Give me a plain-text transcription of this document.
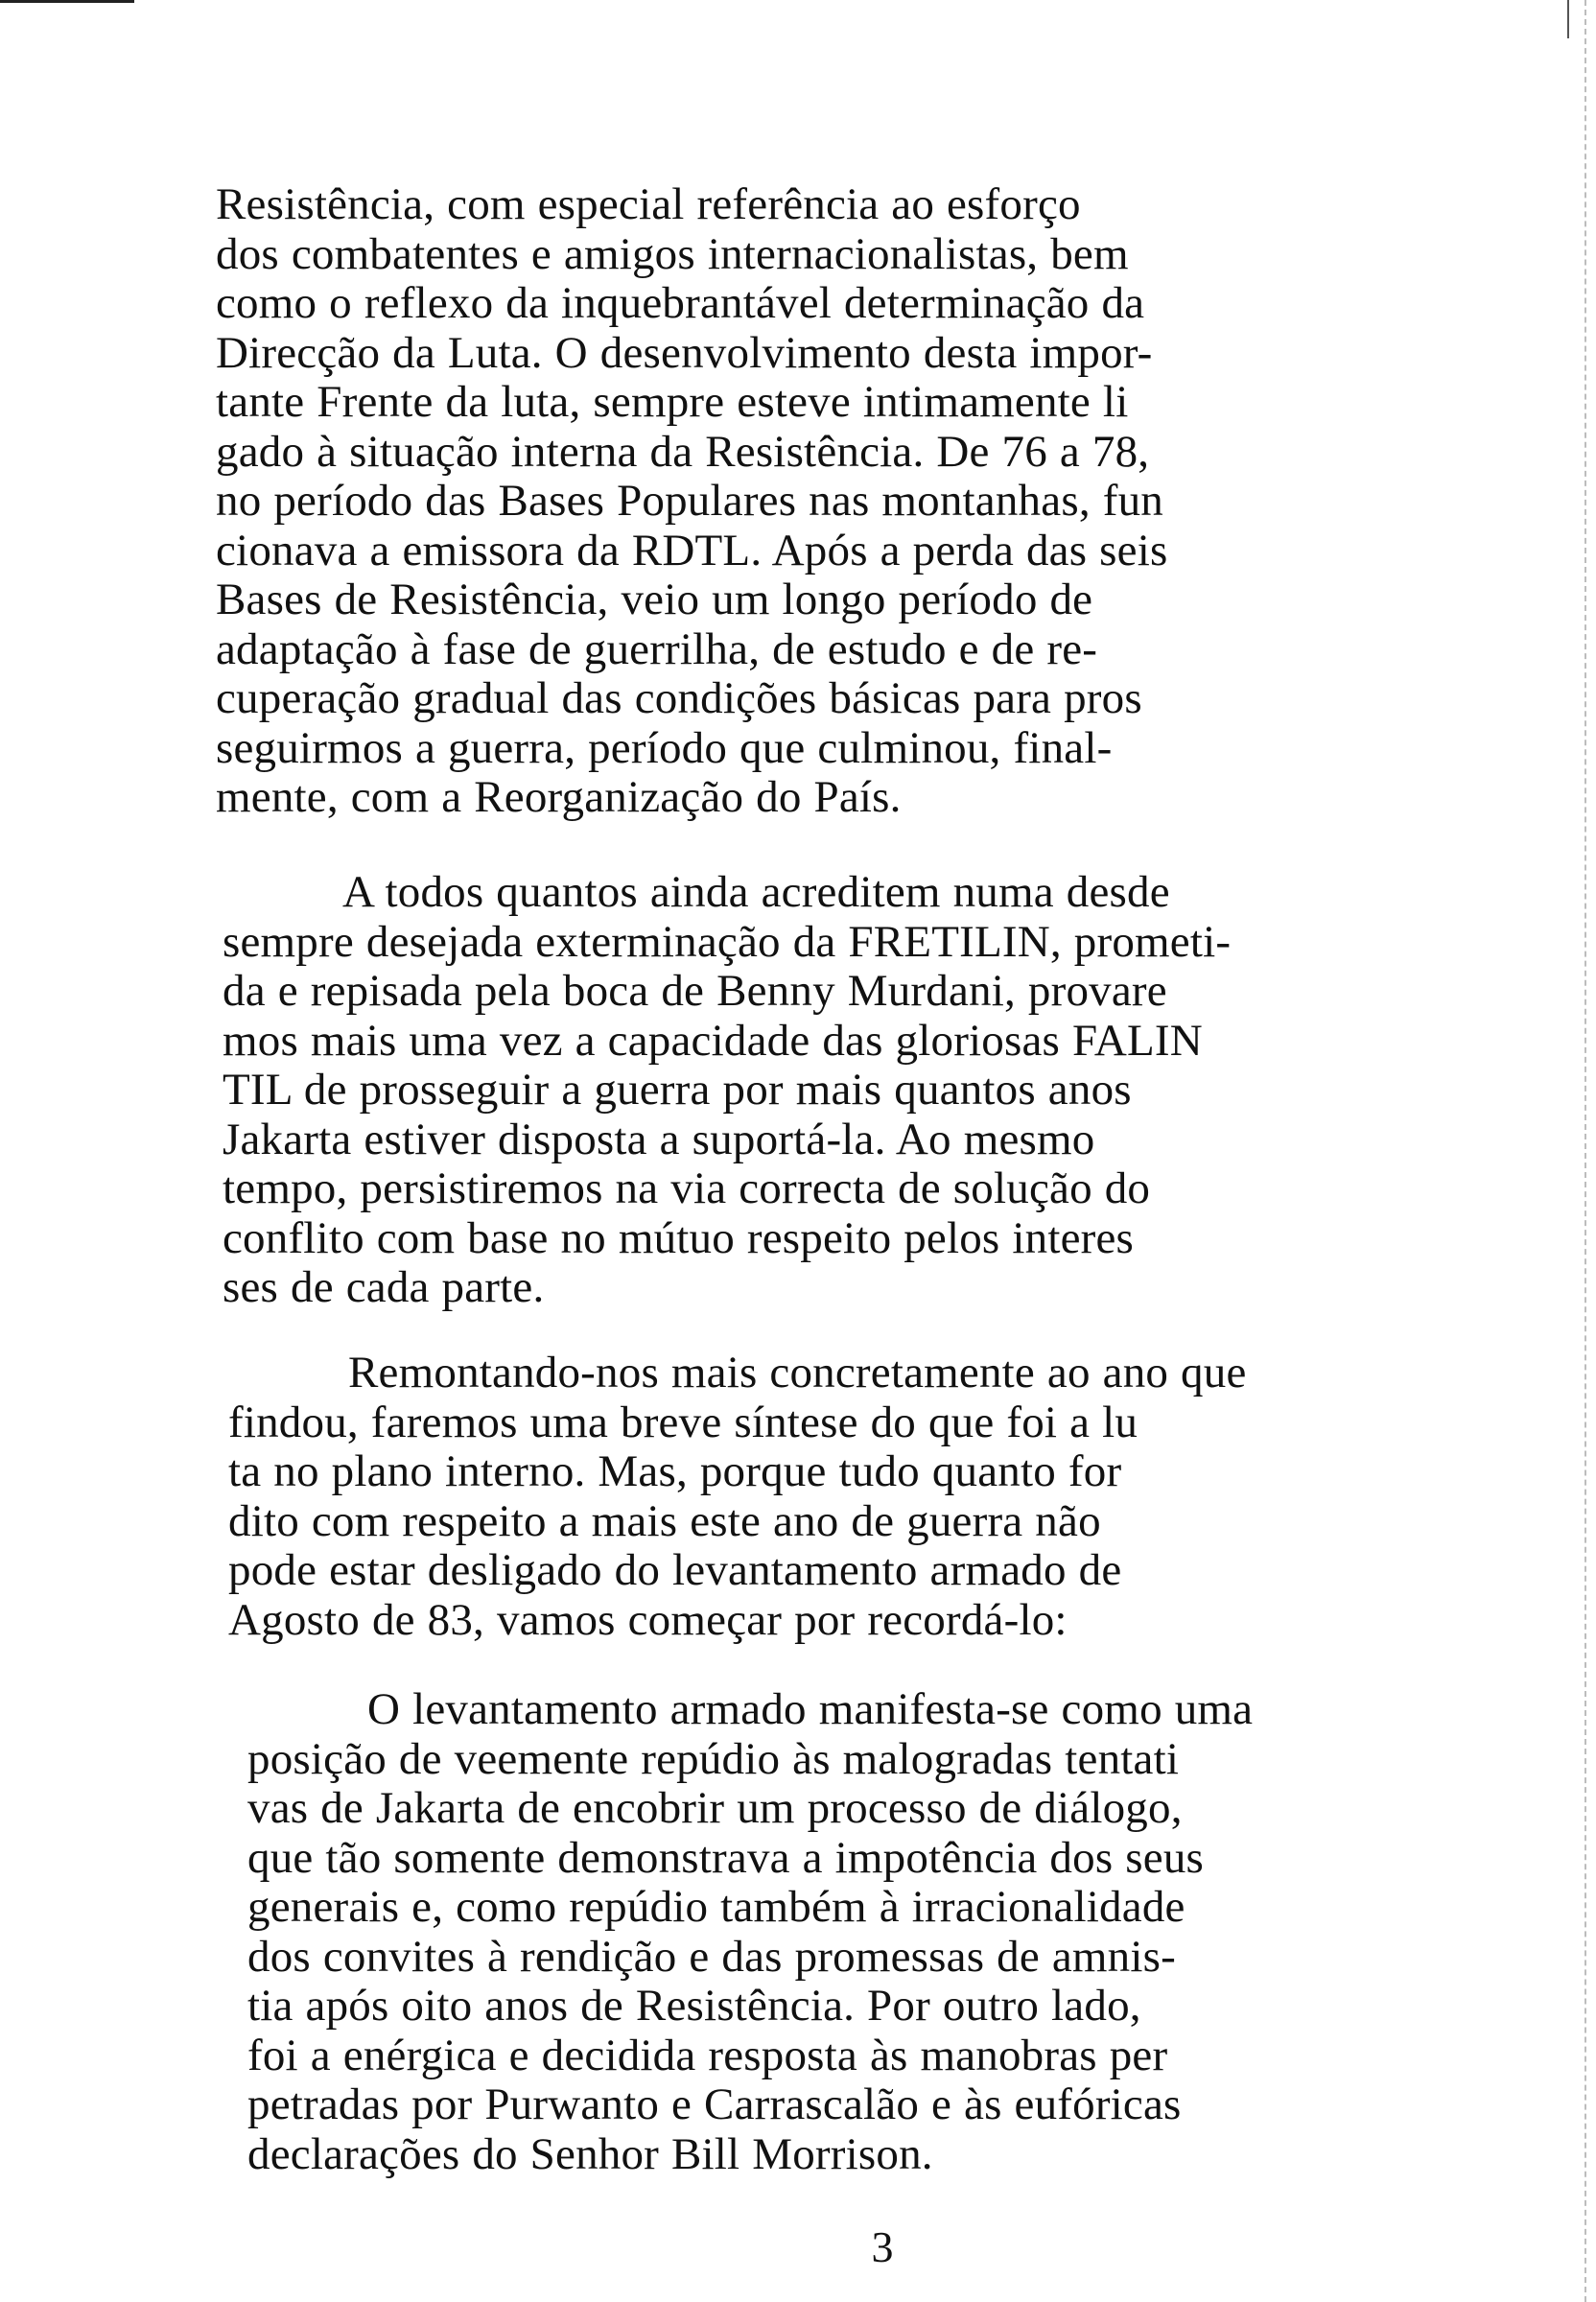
Resistência, com especial referência ao esforço
dos combatentes e amigos internacionalistas, bem
como o reflexo da inquebrantável determinação da
Direcção da Luta. O desenvolvimento desta impor-
tante Frente da luta, sempre esteve intimamente li
gado à situação interna da Resistência. De 76 a 78,
no período das Bases Populares nas montanhas, fun
cionava a emissora da RDTL. Após a perda das seis
Bases de Resistência, veio um longo período de
adaptação à fase de guerrilha, de estudo e de re-
cuperação gradual das condições básicas para pros
seguirmos a guerra, período que culminou, final-
mente, com a Reorganização do País.
A todos quantos ainda acreditem numa desde
sempre desejada exterminação da FRETILIN, prometi-
da e repisada pela boca de Benny Murdani, provare
mos mais uma vez a capacidade das gloriosas FALIN
TIL de prosseguir a guerra por mais quantos anos
Jakarta estiver disposta a suportá-la. Ao mesmo
tempo, persistiremos na via correcta de solução do
conflito com base no mútuo respeito pelos interes
ses de cada parte.
Remontando-nos mais concretamente ao ano que
findou, faremos uma breve síntese do que foi a lu
ta no plano interno. Mas, porque tudo quanto for
dito com respeito a mais este ano de guerra não
pode estar desligado do levantamento armado de
Agosto de 83, vamos começar por recordá-lo:
O levantamento armado manifesta-se como uma
posição de veemente repúdio às malogradas tentati
vas de Jakarta de encobrir um processo de diálogo,
que tão somente demonstrava a impotência dos seus
generais e, como repúdio também à irracionalidade
dos convites à rendição e das promessas de amnis-
tia após oito anos de Resistência. Por outro lado,
foi a enérgica e decidida resposta às manobras per
petradas por Purwanto e Carrascalão e às eufóricas
declarações do Senhor Bill Morrison.
3
